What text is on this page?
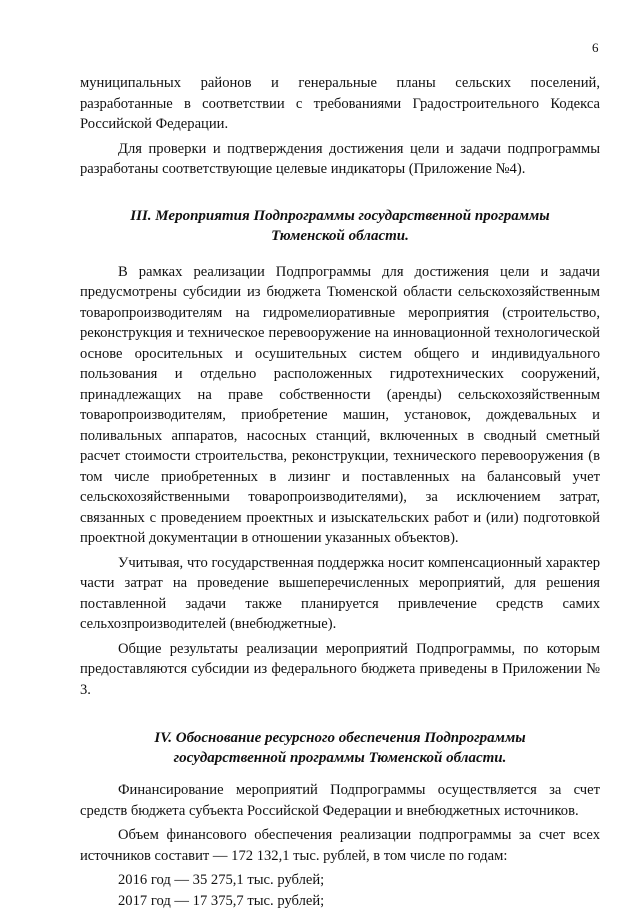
6

муниципальных районов и генеральные планы сельских поселений, разработанные в соответствии с требованиями Градостроительного Кодекса Российской Федерации.

Для проверки и подтверждения достижения цели и задачи подпрограммы разработаны соответствующие целевые индикаторы (Приложение №4).

III. Мероприятия Подпрограммы государственной программы
Тюменской области.

В рамках реализации Подпрограммы для достижения цели и задачи предусмотрены субсидии из бюджета Тюменской области сельскохозяйственным товаропроизводителям на гидромелиоративные мероприятия (строительство, реконструкция и техническое перевооружение на инновационной технологической основе оросительных и осушительных систем общего и индивидуального пользования и отдельно расположенных гидротехнических сооружений, принадлежащих на праве собственности (аренды) сельскохозяйственным товаропроизводителям, приобретение машин, установок, дождевальных и поливальных аппаратов, насосных станций, включенных в сводный сметный расчет стоимости строительства, реконструкции, технического перевооружения (в том числе приобретенных в лизинг и поставленных на балансовый учет сельскохозяйственными товаропроизводителями), за исключением затрат, связанных с проведением проектных и изыскательских работ и (или) подготовкой проектной документации в отношении указанных объектов).

Учитывая, что государственная поддержка носит компенсационный характер части затрат на проведение вышеперечисленных мероприятий, для решения поставленной задачи также планируется привлечение средств самих сельхозпроизводителей (внебюджетные).

Общие результаты реализации мероприятий Подпрограммы, по которым предоставляются субсидии из федерального бюджета приведены в Приложении № 3.

IV. Обоснование ресурсного обеспечения Подпрограммы
государственной программы Тюменской области.

Финансирование мероприятий Подпрограммы осуществляется за счет средств бюджета субъекта Российской Федерации и внебюджетных источников.

Объем финансового обеспечения реализации подпрограммы за счет всех источников составит — 172 132,1 тыс. рублей, в том числе по годам:

2016 год — 35 275,1 тыс. рублей;

2017 год — 17 375,7 тыс. рублей;
